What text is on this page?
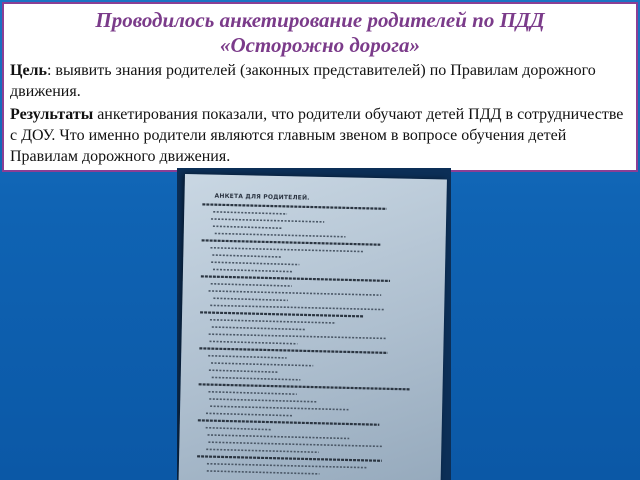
Проводилось анкетирование родителей по ПДД
«Осторожно дорога»

Цель: выявить знания родителей (законных представителей) по Правилам дорожного движения.

Результаты анкетирования показали, что родители обучают детей ПДД в сотрудничестве с ДОУ. Что именно родители являются главным звеном в вопросе обучения детей Правилам дорожного движения.

АНКЕТА ДЛЯ РОДИТЕЛЕЙ.
